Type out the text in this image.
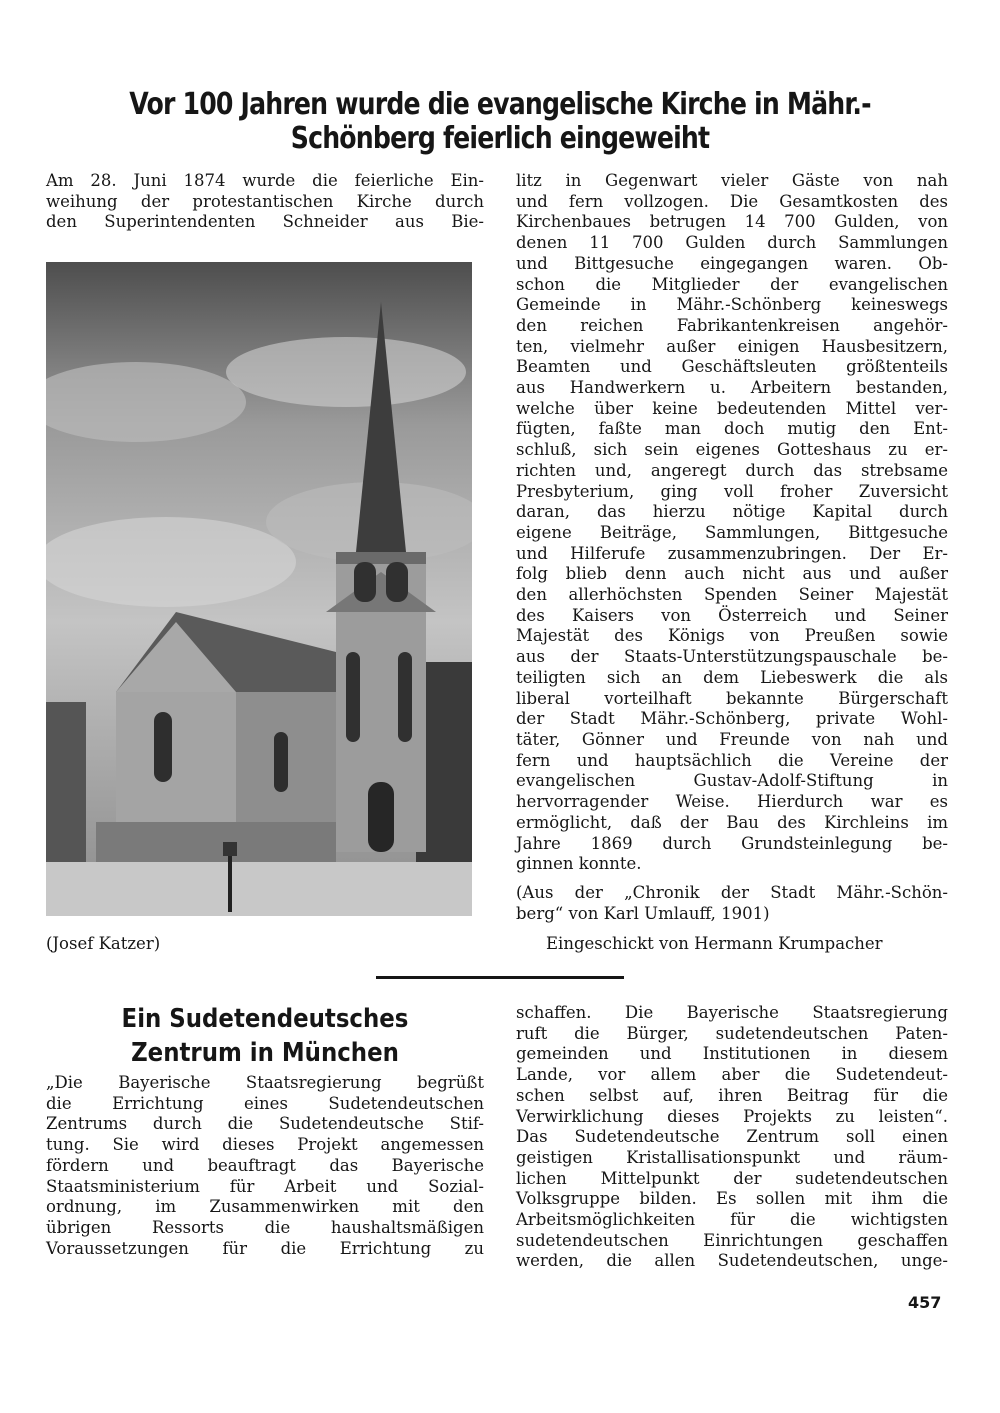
Vor 100 Jahren wurde die evangelische Kirche in Mähr.-Schönberg feierlich eingeweiht
Am 28. Juni 1874 wurde die feierliche Ein-
weihung der protestantischen Kirche durch
den Superintendenten Schneider aus Bie-
(Josef Katzer)
litz in Gegenwart vieler Gäste von nah
und fern vollzogen. Die Gesamtkosten des
Kirchenbaues betrugen 14 700 Gulden, von
denen 11 700 Gulden durch Sammlungen
und Bittgesuche eingegangen waren. Ob-
schon die Mitglieder der evangelischen
Gemeinde in Mähr.-Schönberg keineswegs
den reichen Fabrikantenkreisen angehör-
ten, vielmehr außer einigen Hausbesitzern,
Beamten und Geschäftsleuten größtenteils
aus Handwerkern u. Arbeitern bestanden,
welche über keine bedeutenden Mittel ver-
fügten, faßte man doch mutig den Ent-
schluß, sich sein eigenes Gotteshaus zu er-
richten und, angeregt durch das strebsame
Presbyterium, ging voll froher Zuversicht
daran, das hierzu nötige Kapital durch
eigene Beiträge, Sammlungen, Bittgesuche
und Hilferufe zusammenzubringen. Der Er-
folg blieb denn auch nicht aus und außer
den allerhöchsten Spenden Seiner Majestät
des Kaisers von Österreich und Seiner
Majestät des Königs von Preußen sowie
aus der Staats-Unterstützungspauschale be-
teiligten sich an dem Liebeswerk die als
liberal vorteilhaft bekannte Bürgerschaft
der Stadt Mähr.-Schönberg, private Wohl-
täter, Gönner und Freunde von nah und
fern und hauptsächlich die Vereine der
evangelischen Gustav-Adolf-Stiftung in
hervorragender Weise. Hierdurch war es
ermöglicht, daß der Bau des Kirchleins im
Jahre 1869 durch Grundsteinlegung be-
ginnen konnte.
(Aus der „Chronik der Stadt Mähr.-Schön-
berg“ von Karl Umlauff, 1901)
Eingeschickt von Hermann Krumpacher
Ein Sudetendeutsches Zentrum in München
„Die Bayerische Staatsregierung begrüßt
die Errichtung eines Sudetendeutschen
Zentrums durch die Sudetendeutsche Stif-
tung. Sie wird dieses Projekt angemessen
fördern und beauftragt das Bayerische
Staatsministerium für Arbeit und Sozial-
ordnung, im Zusammenwirken mit den
übrigen Ressorts die haushaltsmäßigen
Voraussetzungen für die Errichtung zu
schaffen. Die Bayerische Staatsregierung
ruft die Bürger, sudetendeutschen Paten-
gemeinden und Institutionen in diesem
Lande, vor allem aber die Sudetendeut-
schen selbst auf, ihren Beitrag für die
Verwirklichung dieses Projekts zu leisten“.
Das Sudetendeutsche Zentrum soll einen
geistigen Kristallisationspunkt und räum-
lichen Mittelpunkt der sudetendeutschen
Volksgruppe bilden. Es sollen mit ihm die
Arbeitsmöglichkeiten für die wichtigsten
sudetendeutschen Einrichtungen geschaffen
werden, die allen Sudetendeutschen, unge-
457
